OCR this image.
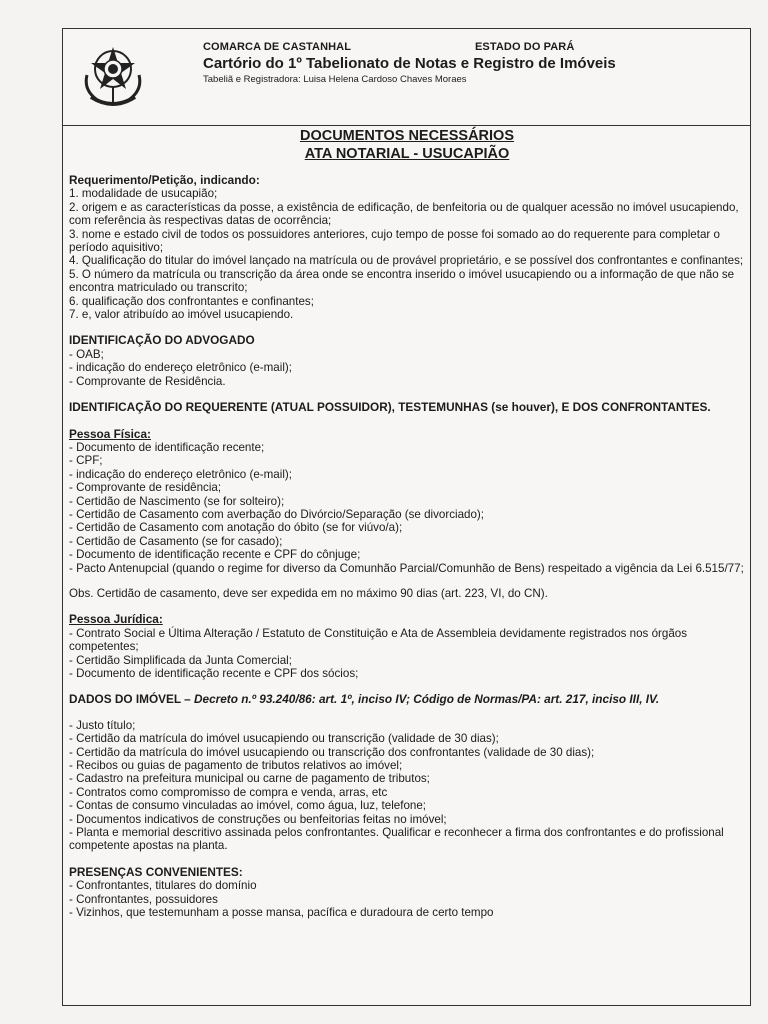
COMARCA DE CASTANHAL	ESTADO DO PARÁ
Cartório do 1º Tabelionato de Notas e Registro de Imóveis
Tabeliã e Registradora: Luisa Helena Cardoso Chaves Moraes
DOCUMENTOS NECESSÁRIOS
ATA NOTARIAL - USUCAPIÃO
Requerimento/Petição, indicando:
1. modalidade de usucapião;
2. origem e as características da posse, a existência de edificação, de benfeitoria ou de qualquer acessão no imóvel usucapiendo, com referência às respectivas datas de ocorrência;
3. nome e estado civil de todos os possuidores anteriores, cujo tempo de posse foi somado ao do requerente para completar o período aquisitivo;
4. Qualificação do titular do imóvel lançado na matrícula ou de provável proprietário, e se possível dos confrontantes e confinantes;
5. O número da matrícula ou transcrição da área onde se encontra inserido o imóvel usucapiendo ou a informação de que não se encontra matriculado ou transcrito;
6. qualificação dos confrontantes e confinantes;
7. e, valor atribuído ao imóvel usucapiendo.
IDENTIFICAÇÃO DO ADVOGADO
- OAB;
- indicação do endereço eletrônico (e-mail);
- Comprovante de Residência.
IDENTIFICAÇÃO DO REQUERENTE (ATUAL POSSUIDOR), TESTEMUNHAS (se houver), E DOS CONFRONTANTES.
Pessoa Física:
- Documento de identificação recente;
- CPF;
- indicação do endereço eletrônico (e-mail);
- Comprovante de residência;
- Certidão de Nascimento (se for solteiro);
- Certidão de Casamento com averbação do Divórcio/Separação (se divorciado);
- Certidão de Casamento com anotação do óbito (se for viúvo/a);
- Certidão de Casamento (se for casado);
- Documento de identificação recente e CPF do cônjuge;
- Pacto Antenupcial (quando o regime for diverso da Comunhão Parcial/Comunhão de Bens) respeitado a vigência da Lei 6.515/77;
Obs. Certidão de casamento, deve ser expedida em no máximo 90 dias (art. 223, VI, do CN).
Pessoa Jurídica:
- Contrato Social e Última Alteração / Estatuto de Constituição e Ata de Assembleia devidamente registrados nos órgãos competentes;
- Certidão Simplificada da Junta Comercial;
- Documento de identificação recente e CPF dos sócios;
DADOS DO IMÓVEL – Decreto n.º 93.240/86: art. 1º, inciso IV; Código de Normas/PA: art. 217, inciso III, IV.
- Justo título;
- Certidão da matrícula do imóvel usucapiendo ou transcrição (validade de 30 dias);
- Certidão da matrícula do imóvel usucapiendo ou transcrição dos confrontantes (validade de 30 dias);
- Recibos ou guias de pagamento de tributos relativos ao imóvel;
- Cadastro na prefeitura municipal ou carne de pagamento de tributos;
- Contratos como compromisso de compra e venda, arras, etc
- Contas de consumo vinculadas ao imóvel, como água, luz, telefone;
- Documentos indicativos de construções ou benfeitorias feitas no imóvel;
- Planta e memorial descritivo assinada pelos confrontantes. Qualificar e reconhecer a firma dos confrontantes e do profissional competente apostas na planta.
PRESENÇAS CONVENIENTES:
- Confrontantes, titulares do domínio
- Confrontantes, possuidores
- Vizinhos, que testemunham a posse mansa, pacífica e duradoura de certo tempo
